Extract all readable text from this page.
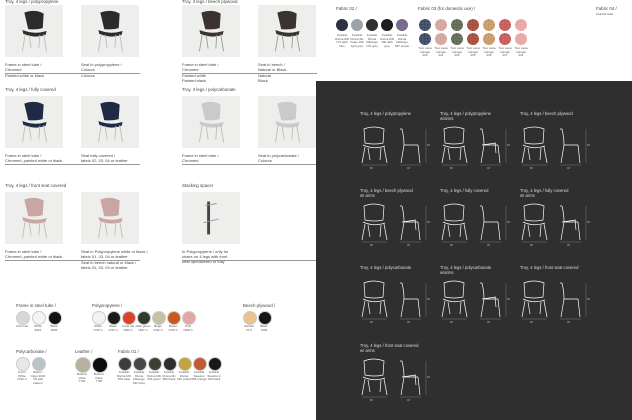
Troy, 4 legs / polypropylene	Troy, 4 legs / beech plywood
Frame in steel tube /
Chromed
Seat in polypropylene /
Colours
Painted white or black	Colours
Frame in steel tube /
Chromed
Seat in beech /
Natural or Black
Painted white	Natural
Painted black	Black
Troy, 4 legs / fully covered	Troy, 4 legs / polycarbonate
Frame in steel tube /
Chromed, painted white or black
Seat fully covered /
fabric 02, 03, 04 or leather
Frame in steel tube /
Chromed
Seat in polycarbonate /
Colours
Troy, 4 legs / front seat covered	Stacking spacer
Frame in steel tube /
Chromed, painted white or black
Seat in Polypropylene white or black /
fabric 01, 03, 04 or leather
Seat in beech natural or black /
fabric 01, 03, 04 or leather
In Polypropylene / only for
chairs on 4 legs with front
seat upholstered or fully
Frame in steel tube /
Chromed	White
9010
Black
9005
Polypropylene /
White
1725 C
Black
1762 C
Coral red
1840 C
Dark green
1847 C
Beige
1792 C
Brown
1479 C
Pink
1628 C
Beech plywood /
Natural
70 K
Black
7066
Polycarbonate /
Frost /
White
1792 C
Reduc /
Clear 2040
*IN with
pattern
Leather /
Bodenc
white
7720
Bodenc
black
7760
Fabric 01 /
Kvadrat
Divina MD
819 slate
Kvadrat
Divina Mélange
533 Grey
Kvadrat
Divina MD
633 green
Kvadrat
Divina Mx
980 black
Kvadrat
Divina
426 yellow
Kvadrat
Steelcut
555 orange
Kvadrat
Steelcut 2
190 black
Troy, 4 legs / polypropylene
80	46
83
Troy, 4 legs / polypropylene
w/arms
80	46
83
Troy, 4 legs / beech plywood
80	46
83
Troy, 4 legs / beech plywood
w/ arms
80	46
83
Troy, 4 legs / fully covered
80	46
83
Troy, 4 legs / fully covered
w/ arms
80	46
83
Troy, 4 legs / polycarbonate
80	46
83
Troy, 4 legs / polycarbonate
w/arms
80	46
83
Troy, 4 legs / front seat covered
80	46
83
Troy, 4 legs / front seat covered
w/ arms
80	46
83
Fabric 02 /
Kvadrat
Divina MD
173 dark blue
Kvadrat
Divina Mx
beige 180
light grey
Kvadrat
Divina
Mélange
170 grey
Kvadrat
Divina MD
180 dark grey
Kvadrat
Divina
Mélange
687 purple
Fabric 03 (for domestic use) /
Tom Lana
Nangai
029
Tom Lana
Nangai
021
Tom Lana
Nangai
026
Tom Lana
Nangai
025
Tom Lana
Nangai
030
Tom Lana
Nangai
027
Tom Lana
Nangai
031
Fabric 04 /
Kvadrat Hale
